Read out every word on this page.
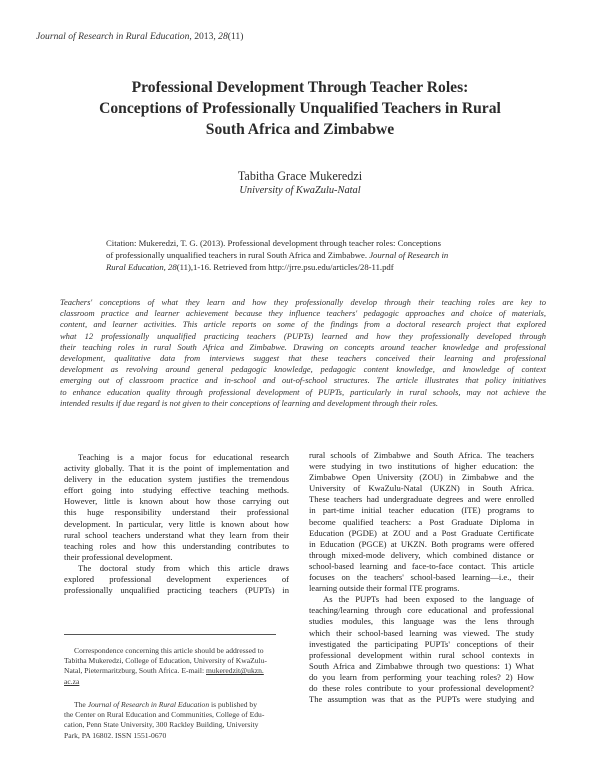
Journal of Research in Rural Education, 2013, 28(11)
Professional Development Through Teacher Roles:
Conceptions of Professionally Unqualified Teachers in Rural
South Africa and Zimbabwe
Tabitha Grace Mukeredzi
University of KwaZulu-Natal
Citation: Mukeredzi, T. G. (2013). Professional development through teacher roles: Conceptions
of professionally unqualified teachers in rural South Africa and Zimbabwe. Journal of Research in
Rural Education, 28(11),1-16. Retrieved from http://jrre.psu.edu/articles/28-11.pdf
Teachers' conceptions of what they learn and how they professionally develop through their teaching roles are key to
classroom practice and learner achievement because they influence teachers' pedagogic approaches and choice of materials,
content, and learner activities. This article reports on some of the findings from a doctoral research project that explored
what 12 professionally unqualified practicing teachers (PUPTs) learned and how they professionally developed through
their teaching roles in rural South Africa and Zimbabwe. Drawing on concepts around teacher knowledge and professional
development, qualitative data from interviews suggest that these teachers conceived their learning and professional
development as revolving around general pedagogic knowledge, pedagogic content knowledge, and knowledge of context
emerging out of classroom practice and in-school and out-of-school structures. The article illustrates that policy initiatives
to enhance education quality through professional development of PUPTs, particularly in rural schools, may not achieve the
intended results if due regard is not given to their conceptions of learning and development through their roles.
Teaching is a major focus for educational research
activity globally. That it is the point of implementation and
delivery in the education system justifies the tremendous
effort going into studying effective teaching methods.
However, little is known about how those carrying out
this huge responsibility understand their professional
development. In particular, very little is known about how
rural school teachers understand what they learn from their
teaching roles and how this understanding contributes to
their professional development.
The doctoral study from which this article draws
explored professional development experiences of
professionally unqualified practicing teachers (PUPTs) in
Correspondence concerning this article should be addressed to
Tabitha Mukeredzi, College of Education, University of KwaZulu-
Natal, Pietermaritzburg, South Africa. E-mail: mukeredzit@ukzn.
ac.za
The Journal of Research in Rural Education is published by
the Center on Rural Education and Communities, College of Edu-
cation, Penn State University, 300 Rackley Building, University
Park, PA 16802. ISSN 1551-0670
rural schools of Zimbabwe and South Africa. The teachers
were studying in two institutions of higher education: the
Zimbabwe Open University (ZOU) in Zimbabwe and the
University of KwaZulu-Natal (UKZN) in South Africa.
These teachers had undergraduate degrees and were enrolled
in part-time initial teacher education (ITE) programs to
become qualified teachers: a Post Graduate Diploma in
Education (PGDE) at ZOU and a Post Graduate Certificate
in Education (PGCE) at UKZN. Both programs were offered
through mixed-mode delivery, which combined distance or
school-based learning and face-to-face contact. This article
focuses on the teachers' school-based learning—i.e., their
learning outside their formal ITE programs.
As the PUPTs had been exposed to the language of
teaching/learning through core educational and professional
studies modules, this language was the lens through
which their school-based learning was viewed. The study
investigated the participating PUPTs' conceptions of their
professional development within rural school contexts in
South Africa and Zimbabwe through two questions: 1) What
do you learn from performing your teaching roles? 2) How
do these roles contribute to your professional development?
The assumption was that as the PUPTs were studying and
